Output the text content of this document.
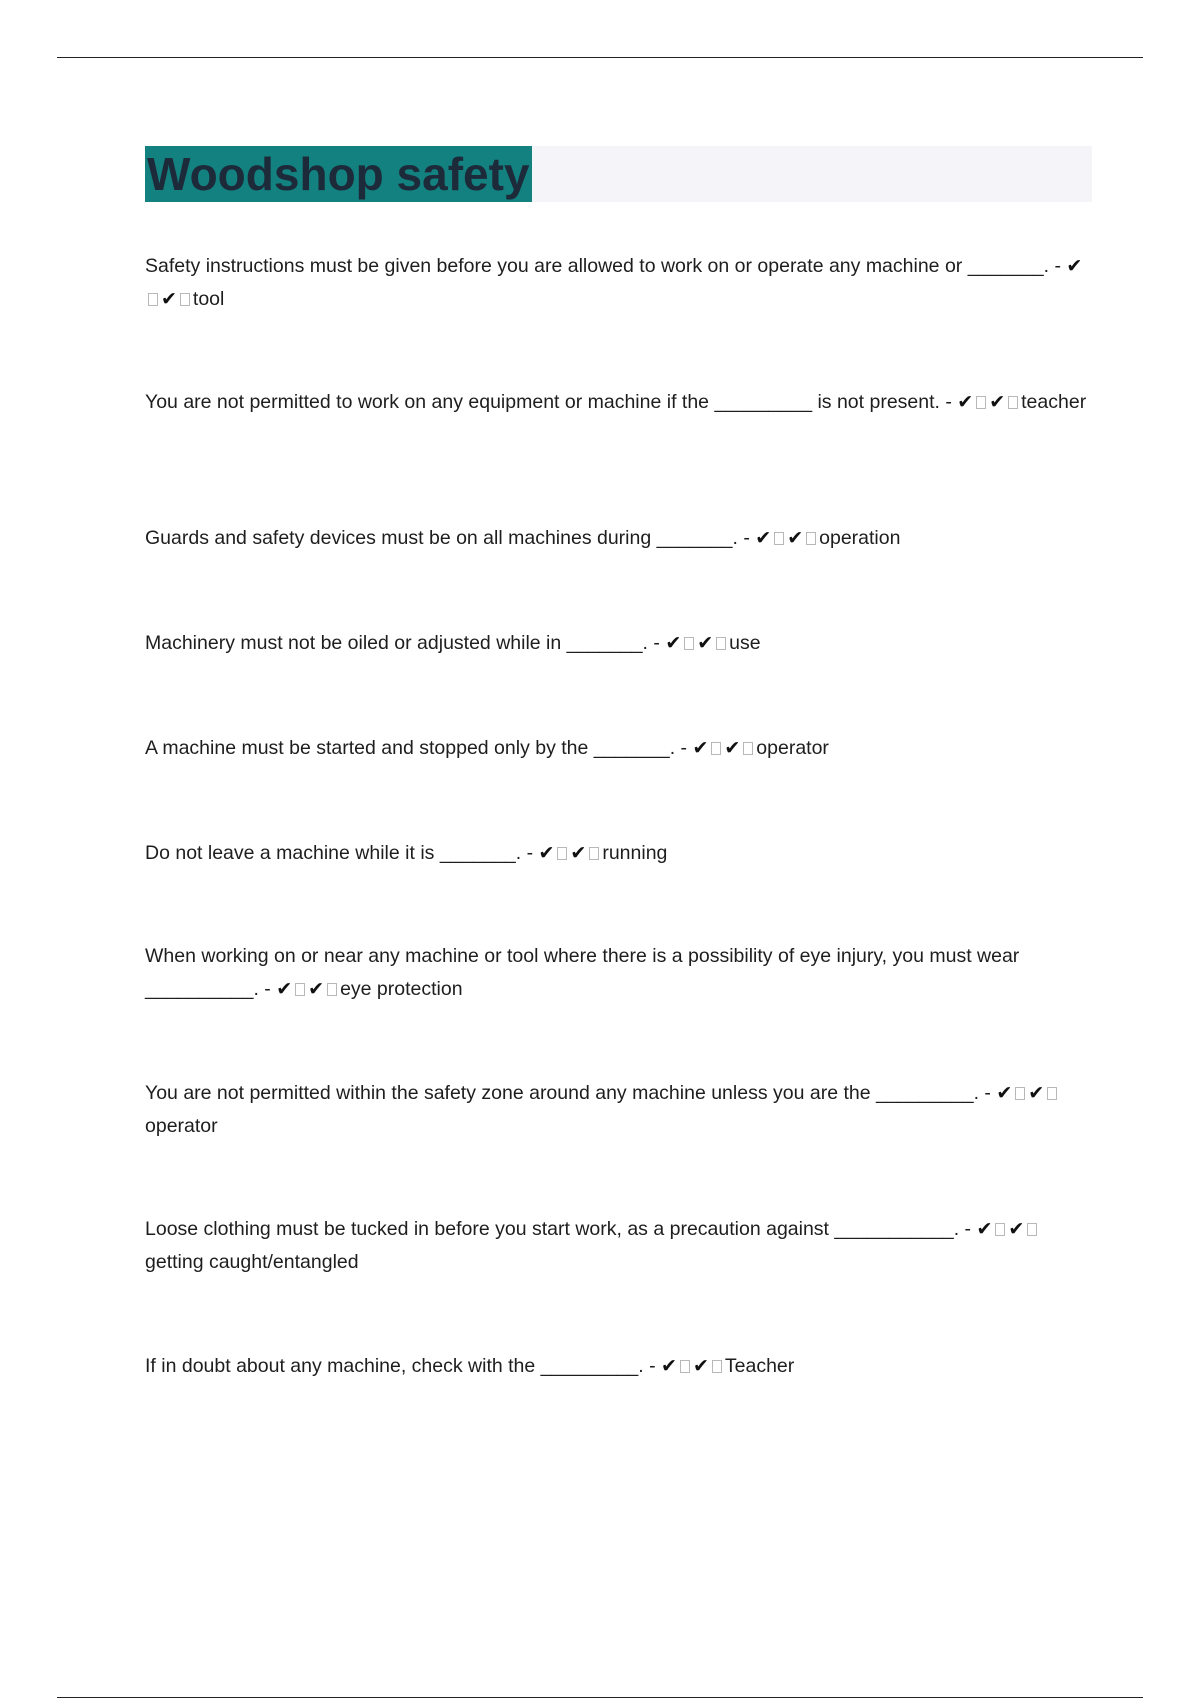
Woodshop safety
Safety instructions must be given before you are allowed to work on or operate any machine or _______. - ✔✔ tool
You are not permitted to work on any equipment or machine if the _________ is not present. - ✔ ✔ teacher
Guards and safety devices must be on all machines during _______. - ✔ ✔ operation
Machinery must not be oiled or adjusted while in _______. - ✔ ✔ use
A machine must be started and stopped only by the _______. - ✔ ✔ operator
Do not leave a machine while it is _______. - ✔ ✔ running
When working on or near any machine or tool where there is a possibility of eye injury, you must wear __________. - ✔ ✔ eye protection
You are not permitted within the safety zone around any machine unless you are the _________. - ✔ ✔operator
Loose clothing must be tucked in before you start work, as a precaution against ___________. - ✔ ✔getting caught/entangled
If in doubt about any machine, check with the _________. - ✔ ✔ Teacher
